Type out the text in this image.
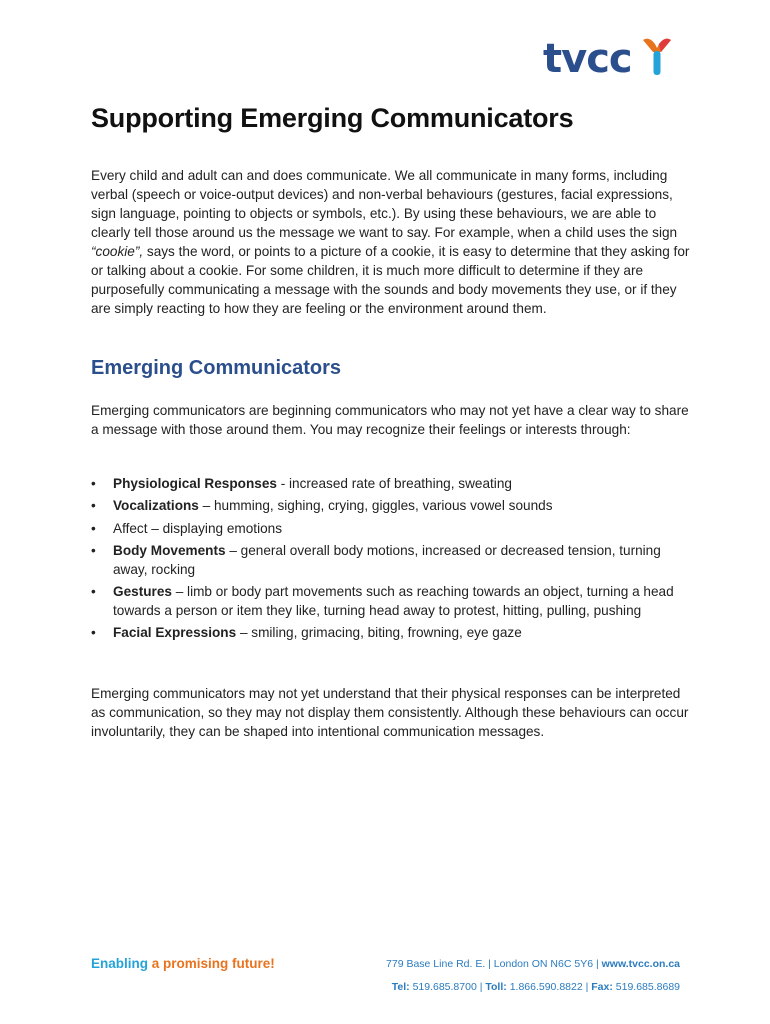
tvcc
Supporting Emerging Communicators

Every child and adult can and does communicate. We all communicate in many forms, including verbal (speech or voice-output devices) and non-verbal behaviours (gestures, facial expressions, sign language, pointing to objects or symbols, etc.). By using these behaviours, we are able to clearly tell those around us the message we want to say. For example, when a child uses the sign “cookie”, says the word, or points to a picture of a cookie, it is easy to determine that they asking for or talking about a cookie. For some children, it is much more difficult to determine if they are purposefully communicating a message with the sounds and body movements they use, or if they are simply reacting to how they are feeling or the environment around them.

Emerging Communicators

Emerging communicators are beginning communicators who may not yet have a clear way to share a message with those around them. You may recognize their feelings or interests through:

• Physiological Responses - increased rate of breathing, sweating
• Vocalizations – humming, sighing, crying, giggles, various vowel sounds
• Affect – displaying emotions
• Body Movements – general overall body motions, increased or decreased tension, turning away, rocking
• Gestures – limb or body part movements such as reaching towards an object, turning a head towards a person or item they like, turning head away to protest, hitting, pulling, pushing
• Facial Expressions – smiling, grimacing, biting, frowning, eye gaze

Emerging communicators may not yet understand that their physical responses can be interpreted as communication, so they may not display them consistently. Although these behaviours can occur involuntarily, they can be shaped into intentional communication messages.

Enabling a promising future!	779 Base Line Rd. E. | London ON N6C 5Y6 | www.tvcc.on.ca
Tel: 519.685.8700 | Toll: 1.866.590.8822 | Fax: 519.685.8689
